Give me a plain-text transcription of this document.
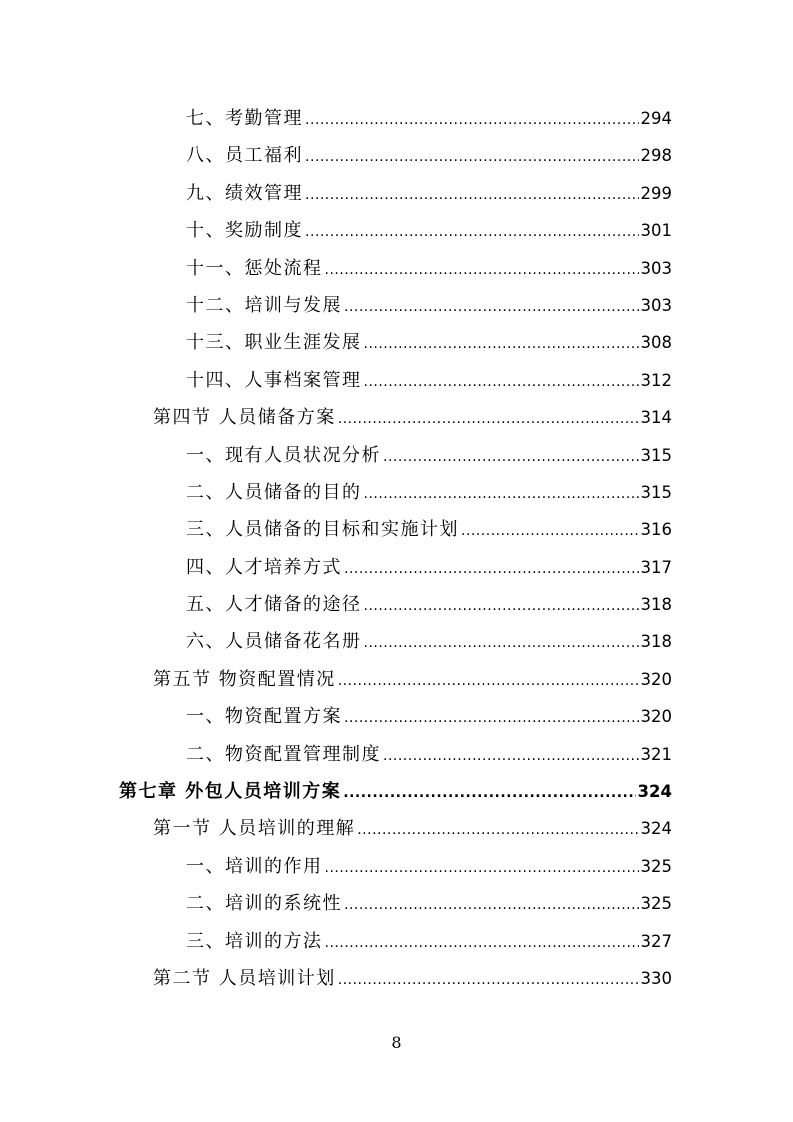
七、考勤管理 .....	294
八、员工福利 .....	298
九、绩效管理 .....	299
十、奖励制度 .....	301
十一、惩处流程 .....	303
十二、培训与发展 .....	303
十三、职业生涯发展 .....	308
十四、人事档案管理 .....	312
第四节 人员储备方案 .....	314
一、现有人员状况分析 .....	315
二、人员储备的目的 .....	315
三、人员储备的目标和实施计划 .....	316
四、人才培养方式 .....	317
五、人才储备的途径 .....	318
六、人员储备花名册 .....	318
第五节 物资配置情况 .....	320
一、物资配置方案 .....	320
二、物资配置管理制度 .....	321
第七章 外包人员培训方案 .....	324
第一节 人员培训的理解 .....	324
一、培训的作用 .....	325
二、培训的系统性 .....	325
三、培训的方法 .....	327
第二节 人员培训计划 .....	330
8
